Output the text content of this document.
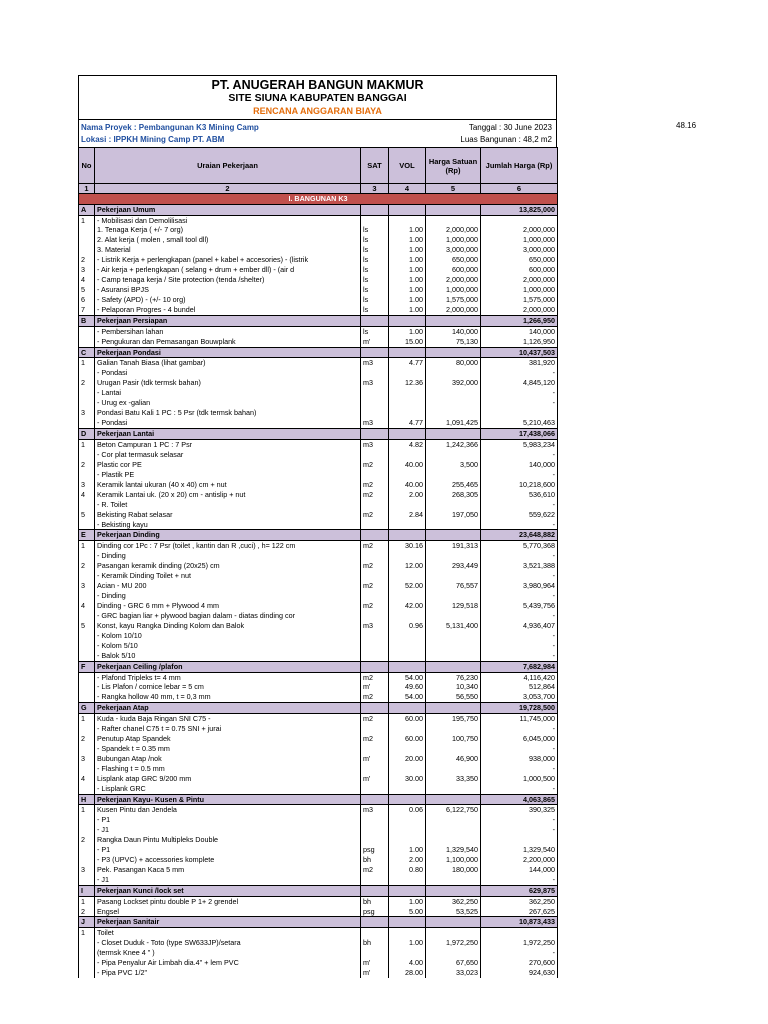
PT. ANUGERAH BANGUN MAKMUR
SITE SIUNA KABUPATEN BANGGAI
RENCANA ANGGARAN BIAYA
Nama Proyek : Pembangunan K3 Mining Camp
Lokasi : IPPKH Mining Camp PT. ABM
Tanggal : 30 June 2023
Luas Bangunan : 48,2 m2
No	Uraian Pekerjaan	SAT	VOL	Harga Satuan (Rp)	Jumlah Harga (Rp)
1	2	3	4	5	6
I. BANGUNAN K3					
A	Pekerjaan Umum				13,825,000
1	- Mobilisasi dan Demolilisasi				
	1. Tenaga Kerja ( +/- 7 org)	ls	1.00	2,000,000	2,000,000
	2. Alat kerja ( molen , small tool dll)	ls	1.00	1,000,000	1,000,000
	3. Material	ls	1.00	3,000,000	3,000,000
2	- Listrik Kerja + perlengkapan (panel + kabel + accesories) - (listrik	ls	1.00	650,000	650,000
3	- Air kerja + perlengkapan ( selang + drum + ember dll) - (air d	ls	1.00	600,000	600,000
4	- Camp tenaga kerja / Site protection (tenda /shelter)	ls	1.00	2,000,000	2,000,000
5	- Asuransi BPJS	ls	1.00	1,000,000	1,000,000
6	- Safety (APD) - (+/- 10 org)	ls	1.00	1,575,000	1,575,000
7	- Pelaporan Progres - 4 bundel	ls	1.00	2,000,000	2,000,000
B	Pekerjaan Persiapan				1,266,950
	- Pembersihan lahan	ls	1.00	140,000	140,000
	- Pengukuran dan Pemasangan Bouwplank	m'	15.00	75,130	1,126,950
C	Pekerjaan Pondasi				10,437,503
1	Galian Tanah Biasa (lihat gambar)	m3	4.77	80,000	381,920
	- Pondasi				-
2	Urugan Pasir (tdk termsk bahan)	m3	12.36	392,000	4,845,120
	- Lantai				-
	- Urug ex -galian				-
3	Pondasi Batu Kali 1 PC : 5 Psr (tdk termsk bahan)				
	- Pondasi	m3	4.77	1,091,425	5,210,463
D	Pekerjaan Lantai				17,438,066
1	Beton Campuran 1 PC : 7 Psr	m3	4.82	1,242,366	5,983,234
	- Cor plat termasuk selasar				-
2	Plastic cor PE	m2	40.00	3,500	140,000
	- Plastik PE				-
3	Keramik lantai ukuran (40 x 40) cm + nut	m2	40.00	255,465	10,218,600
4	Keramik Lantai uk. (20 x 20) cm - antislip + nut	m2	2.00	268,305	536,610
	- R. Toilet				-
5	Bekisting Rabat selasar	m2	2.84	197,050	559,622
	- Bekisting kayu				-
E	Pekerjaan Dinding				23,648,882
1	Dinding cor 1Pc : 7 Psr (toilet , kantin dan R ,cuci) , h= 122 cm	m2	30.16	191,313	5,770,368
	- Dinding				-
2	Pasangan keramik dinding (20x25) cm	m2	12.00	293,449	3,521,388
	- Keramik Dinding Toilet + nut				-
3	Acian - MU 200	m2	52.00	76,557	3,980,964
	- Dinding				-
4	Dinding - GRC 6 mm + Plywood 4 mm	m2	42.00	129,518	5,439,756
	- GRC bagian liar + plywood bagian dalam - diatas dinding cor				-
5	Konst, kayu Rangka Dinding Kolom dan Balok	m3	0.96	5,131,400	4,936,407
	- Kolom 10/10				-
	- Kolom 5/10				-
	- Balok 5/10				-
F	Pekerjaan Ceiling /plafon				7,682,984
	- Plafond Tripleks t= 4 mm	m2	54.00	76,230	4,116,420
	- Lis Plafon / cornice lebar = 5 cm	m'	49.60	10,340	512,864
	- Rangka hollow 40 mm, t = 0,3 mm	m2	54.00	56,550	3,053,700
G	Pekerjaan Atap				19,728,500
1	Kuda - kuda Baja Ringan SNI C75 -	m2	60.00	195,750	11,745,000
	- Rafter chanel C75 t = 0.75 SNI + jurai				-
2	Penutup Atap Spandek	m2	60.00	100,750	6,045,000
	- Spandek t = 0.35 mm				-
3	Bubungan Atap /nok	m'	20.00	46,900	938,000
	- Flashing t = 0.5 mm				-
4	Lisplank atap GRC 9/200 mm	m'	30.00	33,350	1,000,500
	- Lisplank GRC				-
H	Pekerjaan Kayu- Kusen & Pintu				4,063,865
1	Kusen Pintu dan Jendela	m3	0.06	6,122,750	390,325
	- P1				-
	- J1				-
2	Rangka Daun Pintu Multipleks Double				
	- P1	psg	1.00	1,329,540	1,329,540
	- P3 (UPVC) + accessories komplete	bh	2.00	1,100,000	2,200,000
3	Pek. Pasangan Kaca 5 mm	m2	0.80	180,000	144,000
	- J1				-
I	Pekerjaan Kunci /lock set				629,875
1	Pasang Lockset pintu double P 1+ 2 grendel	bh	1.00	362,250	362,250
2	Engsel	psg	5.00	53,525	267,625
J	Pekerjaan Sanitair				10,873,433
1	Toilet				
	- Closet Duduk - Toto (type SW633JP)/setara	bh	1.00	1,972,250	1,972,250
	(termsk Knee 4 " )				-
	- Pipa Penyalur Air Limbah dia.4" + lem PVC	m'	4.00	67,650	270,600
	- Pipa PVC 1/2"	m'	28.00	33,023	924,630
48.16
